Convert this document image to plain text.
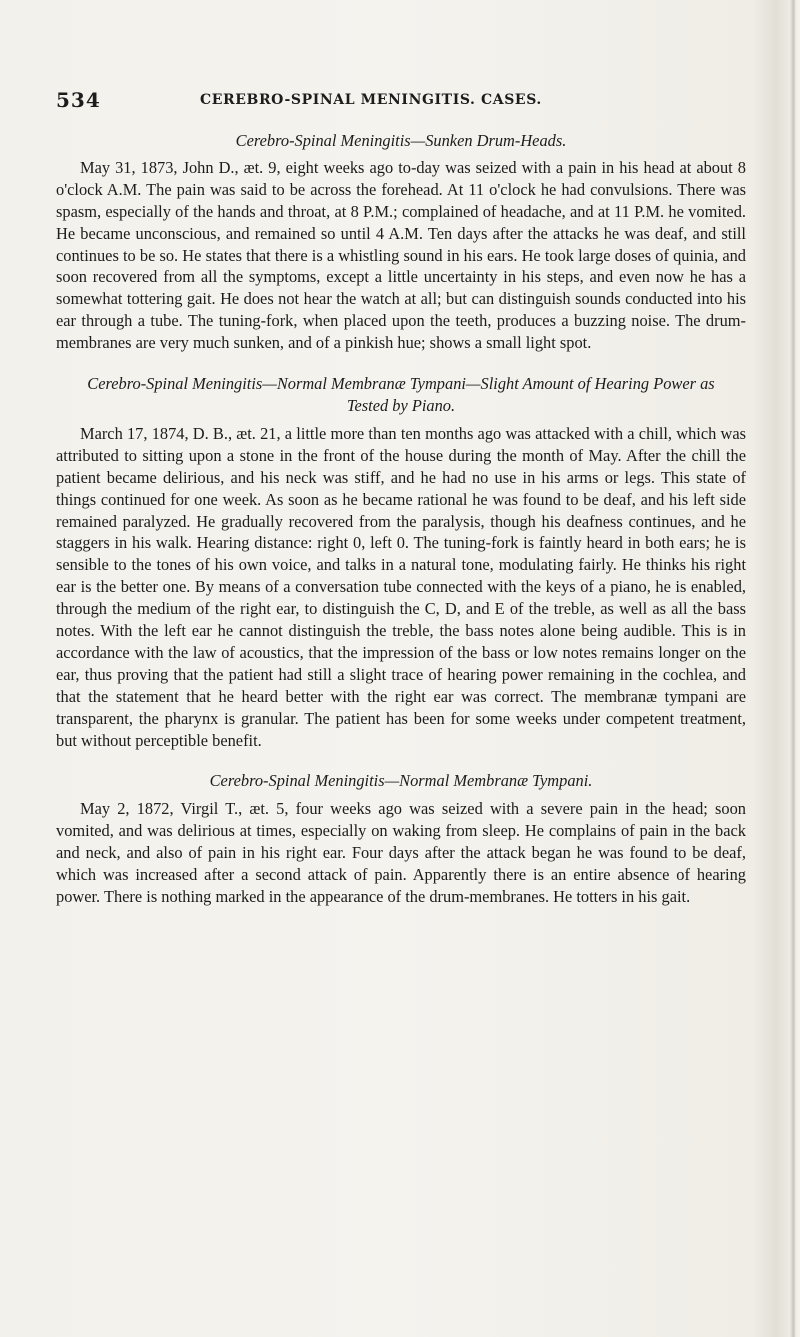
534	CEREBRO-SPINAL MENINGITIS. CASES.

Cerebro-Spinal Meningitis—Sunken Drum-Heads.

May 31, 1873, John D., æt. 9, eight weeks ago to-day was seized with a pain in his head at about 8 o'clock A.M. The pain was said to be across the forehead. At 11 o'clock he had convulsions. There was spasm, especially of the hands and throat, at 8 P.M.; complained of headache, and at 11 P.M. he vomited. He became unconscious, and remained so until 4 A.M. Ten days after the attacks he was deaf, and still continues to be so. He states that there is a whistling sound in his ears. He took large doses of quinia, and soon recovered from all the symptoms, except a little uncertainty in his steps, and even now he has a somewhat tottering gait. He does not hear the watch at all; but can distinguish sounds conducted into his ear through a tube. The tuning-fork, when placed upon the teeth, produces a buzzing noise. The drum-membranes are very much sunken, and of a pinkish hue; shows a small light spot.

Cerebro-Spinal Meningitis—Normal Membranæ Tympani—Slight Amount of Hearing Power as Tested by Piano.

March 17, 1874, D. B., æt. 21, a little more than ten months ago was attacked with a chill, which was attributed to sitting upon a stone in the front of the house during the month of May. After the chill the patient became delirious, and his neck was stiff, and he had no use in his arms or legs. This state of things continued for one week. As soon as he became rational he was found to be deaf, and his left side remained paralyzed. He gradually recovered from the paralysis, though his deafness continues, and he staggers in his walk. Hearing distance: right 0, left 0. The tuning-fork is faintly heard in both ears; he is sensible to the tones of his own voice, and talks in a natural tone, modulating fairly. He thinks his right ear is the better one. By means of a conversation tube connected with the keys of a piano, he is enabled, through the medium of the right ear, to distinguish the C, D, and E of the treble, as well as all the bass notes. With the left ear he cannot distinguish the treble, the bass notes alone being audible. This is in accordance with the law of acoustics, that the impression of the bass or low notes remains longer on the ear, thus proving that the patient had still a slight trace of hearing power remaining in the cochlea, and that the statement that he heard better with the right ear was correct. The membranæ tympani are transparent, the pharynx is granular. The patient has been for some weeks under competent treatment, but without perceptible benefit.

Cerebro-Spinal Meningitis—Normal Membranæ Tympani.

May 2, 1872, Virgil T., æt. 5, four weeks ago was seized with a severe pain in the head; soon vomited, and was delirious at times, especially on waking from sleep. He complains of pain in the back and neck, and also of pain in his right ear. Four days after the attack began he was found to be deaf, which was increased after a second attack of pain. Apparently there is an entire absence of hearing power. There is nothing marked in the appearance of the drum-membranes. He totters in his gait.
